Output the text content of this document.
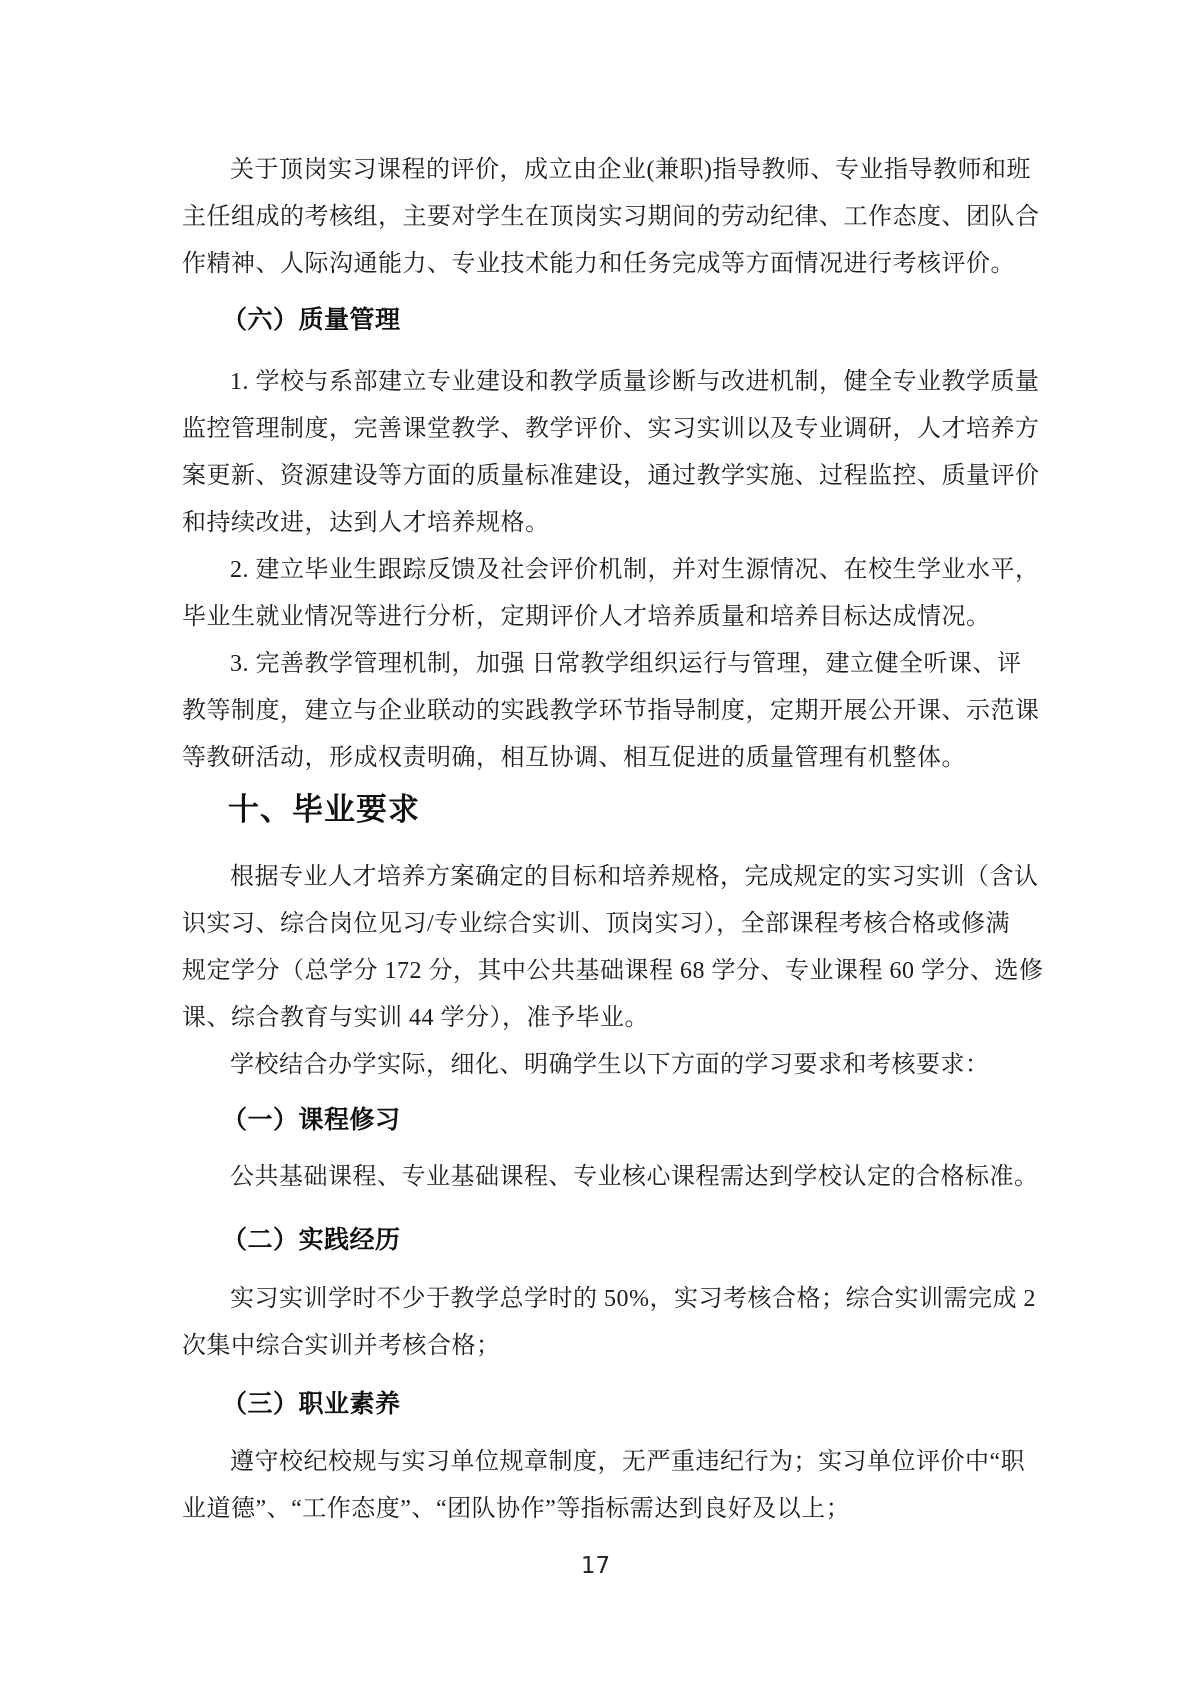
关于顶岗实习课程的评价，成立由企业(兼职)指导教师、专业指导教师和班
主任组成的考核组，主要对学生在顶岗实习期间的劳动纪律、工作态度、团队合
作精神、人际沟通能力、专业技术能力和任务完成等方面情况进行考核评价。
（六）质量管理
1. 学校与系部建立专业建设和教学质量诊断与改进机制，健全专业教学质量
监控管理制度，完善课堂教学、教学评价、实习实训以及专业调研，人才培养方
案更新、资源建设等方面的质量标准建设，通过教学实施、过程监控、质量评价
和持续改进，达到人才培养规格。
2. 建立毕业生跟踪反馈及社会评价机制，并对生源情况、在校生学业水平，
毕业生就业情况等进行分析，定期评价人才培养质量和培养目标达成情况。
3. 完善教学管理机制，加强 日常教学组织运行与管理，建立健全听课、评
教等制度，建立与企业联动的实践教学环节指导制度，定期开展公开课、示范课
等教研活动，形成权责明确，相互协调、相互促进的质量管理有机整体。
十、毕业要求
根据专业人才培养方案确定的目标和培养规格，完成规定的实习实训（含认
识实习、综合岗位见习/专业综合实训、顶岗实习），全部课程考核合格或修满
规定学分（总学分 172 分，其中公共基础课程 68 学分、专业课程 60 学分、选修
课、综合教育与实训 44 学分），准予毕业。
学校结合办学实际，细化、明确学生以下方面的学习要求和考核要求：
（一）课程修习
公共基础课程、专业基础课程、专业核心课程需达到学校认定的合格标准。
（二）实践经历
实习实训学时不少于教学总学时的 50%，实习考核合格；综合实训需完成 2
次集中综合实训并考核合格；
（三）职业素养
遵守校纪校规与实习单位规章制度，无严重违纪行为；实习单位评价中“职
业道德”、“工作态度”、“团队协作”等指标需达到良好及以上；
17
